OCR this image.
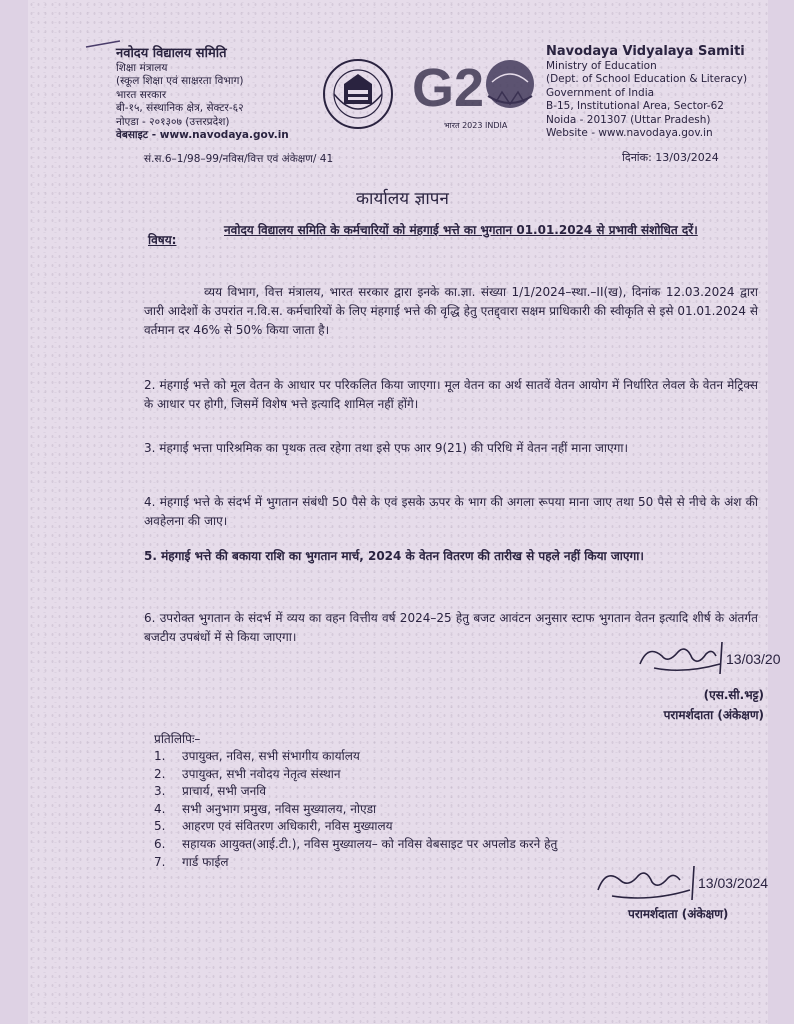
नवोदय विद्यालय समिति
शिक्षा मंत्रालय
(स्कूल शिक्षा एवं साक्षरता विभाग)
भारत सरकार
बी-१५, संस्थानिक क्षेत्र, सेक्टर-६२
नोएडा - २०१३०७ (उत्तरप्रदेश)
वेबसाइट - www.navodaya.gov.in
G2
भारत 2023 INDIA
Navodaya Vidyalaya Samiti
Ministry of Education
(Dept. of School Education & Literacy)
Government of India
B-15, Institutional Area, Sector-62
Noida - 201307 (Uttar Pradesh)
Website - www.navodaya.gov.in
सं.स.6–1/98–99/नविस/वित्त एवं अंकेक्षण/ 41	दिनांक: 13/03/2024
कार्यालय ज्ञापन
विषय:
नवोदय विद्यालय समिति के कर्मचारियों को मंहगाई भत्ते का भुगतान 01.01.2024 से प्रभावी संशोधित दरें।
व्यय विभाग, वित्त मंत्रालय, भारत सरकार द्वारा इनके का.ज्ञा. संख्या 1/1/2024–स्था.–II(ख), दिनांक 12.03.2024 द्वारा जारी आदेशों के उपरांत न.वि.स. कर्मचारियों के लिए मंहगाई भत्ते की वृद्धि हेतु एतद्द्वारा सक्षम प्राधिकारी की स्वीकृति से इसे 01.01.2024 से वर्तमान दर 46% से 50% किया जाता है।
2. मंहगाई भत्ते को मूल वेतन के आधार पर परिकलित किया जाएगा। मूल वेतन का अर्थ सातवें वेतन आयोग में निर्धारित लेवल के वेतन मेट्रिक्स के आधार पर होगी, जिसमें विशेष भत्ते इत्यादि शामिल नहीं होंगे।
3. मंहगाई भत्ता पारिश्रमिक का पृथक तत्व रहेगा तथा इसे एफ आर 9(21) की परिधि में वेतन नहीं माना जाएगा।
4. मंहगाई भत्ते के संदर्भ में भुगतान संबंधी 50 पैसे के एवं इसके ऊपर के भाग की अगला रूपया माना जाए तथा 50 पैसे से नीचे के अंश की अवहेलना की जाए।
5. मंहगाई भत्ते की बकाया राशि का भुगतान मार्च, 2024 के वेतन वितरण की तारीख से पहले नहीं किया जाएगा।
6. उपरोक्त भुगतान के संदर्भ में व्यय का वहन वित्तीय वर्ष 2024–25 हेतु बजट आवंटन अनुसार स्टाफ भुगतान वेतन इत्यादि शीर्ष के अंतर्गत बजटीय उपबंधों में से किया जाएगा।
13/03/20
(एस.सी.भट्ट)
परामर्शदाता (अंकेक्षण)
प्रतिलिपिः–
1.	उपायुक्त, नविस, सभी संभागीय कार्यालय
2.	उपायुक्त, सभी नवोदय नेतृत्व संस्थान
3.	प्राचार्य, सभी जनवि
4.	सभी अनुभाग प्रमुख, नविस मुख्यालय, नोएडा
5.	आहरण एवं संवितरण अधिकारी, नविस मुख्यालय
6.	सहायक आयुक्त(आई.टी.), नविस मुख्यालय– को नविस वेबसाइट पर अपलोड करने हेतु
7.	गार्ड फाईल
13/03/2024
परामर्शदाता (अंकेक्षण)
